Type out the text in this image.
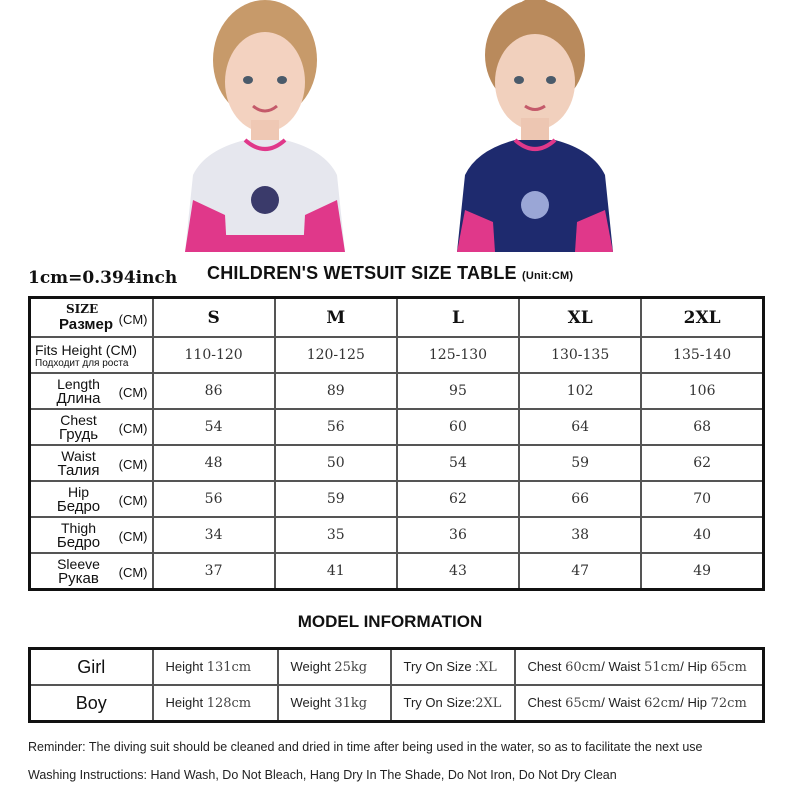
1cm=0.394inch CHILDREN'S WETSUIT SIZE TABLE (Unit:CM)
SIZE
Размер (CM)	S	M	L	XL	2XL

Fits Height (CM)
Подходит для роста	110-120	120-125	125-130	130-135	135-140

Length
Длина (CM)	86	89	95	102	106

Chest
Грудь (CM)	54	56	60	64	68

Waist
Талия (CM)	48	50	54	59	62

Hip
Бедро (CM)	56	59	62	66	70

Thigh
Бедро (CM)	34	35	36	38	40

Sleeve
Рукав (CM)	37	41	43	47	49
MODEL INFORMATION
Girl	Height 131cm	Weight 25kg	Try On Size :XL	Chest 60cm/ Waist 51cm/ Hip 65cm
Boy	Height 128cm	Weight 31kg	Try On Size:2XL	Chest 65cm/ Waist 62cm/ Hip 72cm
Reminder: The diving suit should be cleaned and dried in time after being used in the water, so as to facilitate the next use
Washing Instructions: Hand Wash, Do Not Bleach, Hang Dry In The Shade, Do Not Iron, Do Not Dry Clean
